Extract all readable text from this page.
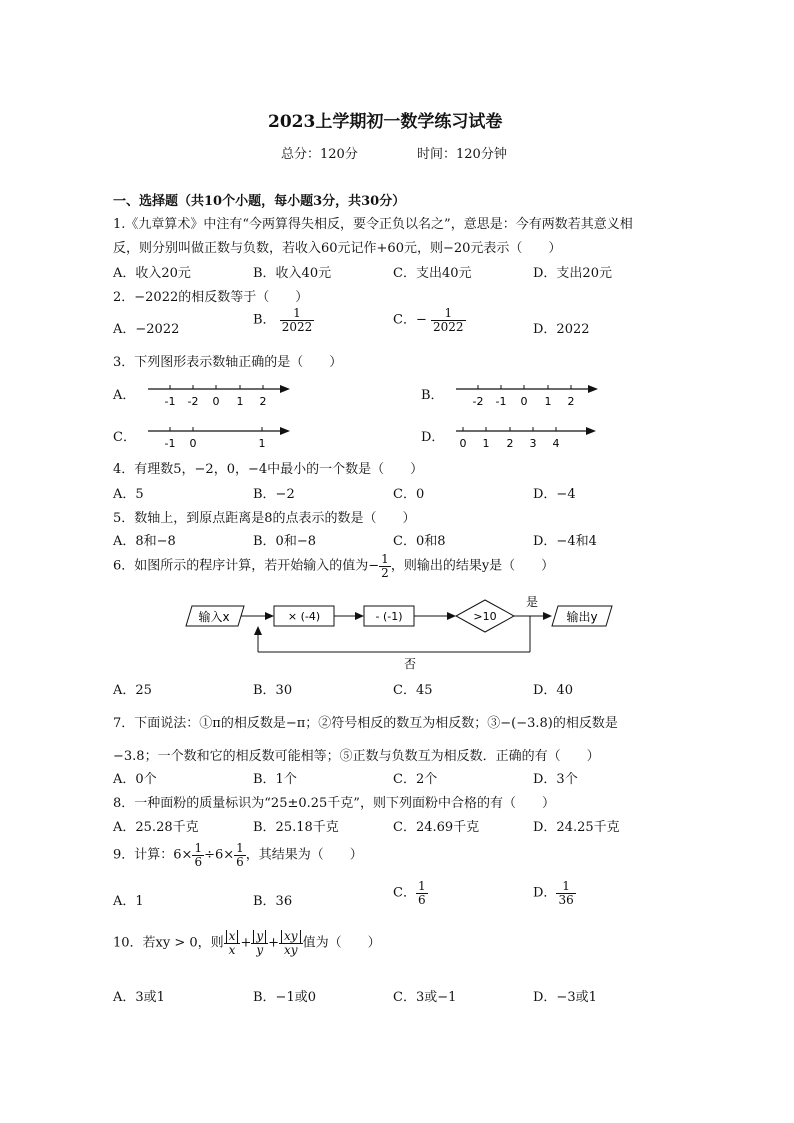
2023上学期初一数学练习试卷
总分：120分	时间：120分钟
一、选择题（共10个小题，每小题3分，共30分）
1.《九章算术》中注有“今两算得失相反，要令正负以名之”，意思是：今有两数若其意义相
反，则分别叫做正数与负数，若收入60元记作+60元，则−20元表示（　　）
A．收入20元	B．收入40元	C．支出40元	D．支出20元
2．−2022的相反数等于（　　）
A．−2022
B． $\frac{1}{2022}$	C．− $\frac{1}{2022}$	D．2022
3．下列图形表示数轴正确的是（　　）
A．	B．
C．	D．
-1 -2 0 1 2	-2 -1 0 1 2
-1 0	1	0 1 2 3 4
4．有理数5，−2，0，−4中最小的一个数是（　　）
A．5	B．−2	C．0	D．−4
5．数轴上，到原点距离是8的点表示的数是（　　）
A．8和−8	B．0和−8	C．0和8	D．−4和4
6．如图所示的程序计算，若开始输入的值为− $\frac{1}{2}$ ，则输出的结果y是（　　）
输入x	× (-4)	- (-1)	>10
是
输出y
否
A．25	B．30	C．45	D．40
7．下面说法：①π的相反数是−π；②符号相反的数互为相反数；③−(−3.8)的相反数是
−3.8；一个数和它的相反数可能相等；⑤正数与负数互为相反数．正确的有（　　）
A．0个	B．1个	C．2个	D．3个
8．一种面粉的质量标识为“25±0.25千克”，则下列面粉中合格的有（　　）
A．25.28千克	B．25.18千克	C．24.69千克	D．24.25千克
9．计算：$6\times \frac{1}{6} \div 6\times \frac{1}{6}$ ，其结果为（　　）
A．1	B．36
C． $\frac{1}{6}$	D． $\frac{1}{36}$
10．若xy > 0，则 $\frac{x}{x} + \frac{y}{y} + \frac{xy}{xy}$ 值为（　　）
A．3或1	B．−1或0	C．3或−1	D．−3或1
